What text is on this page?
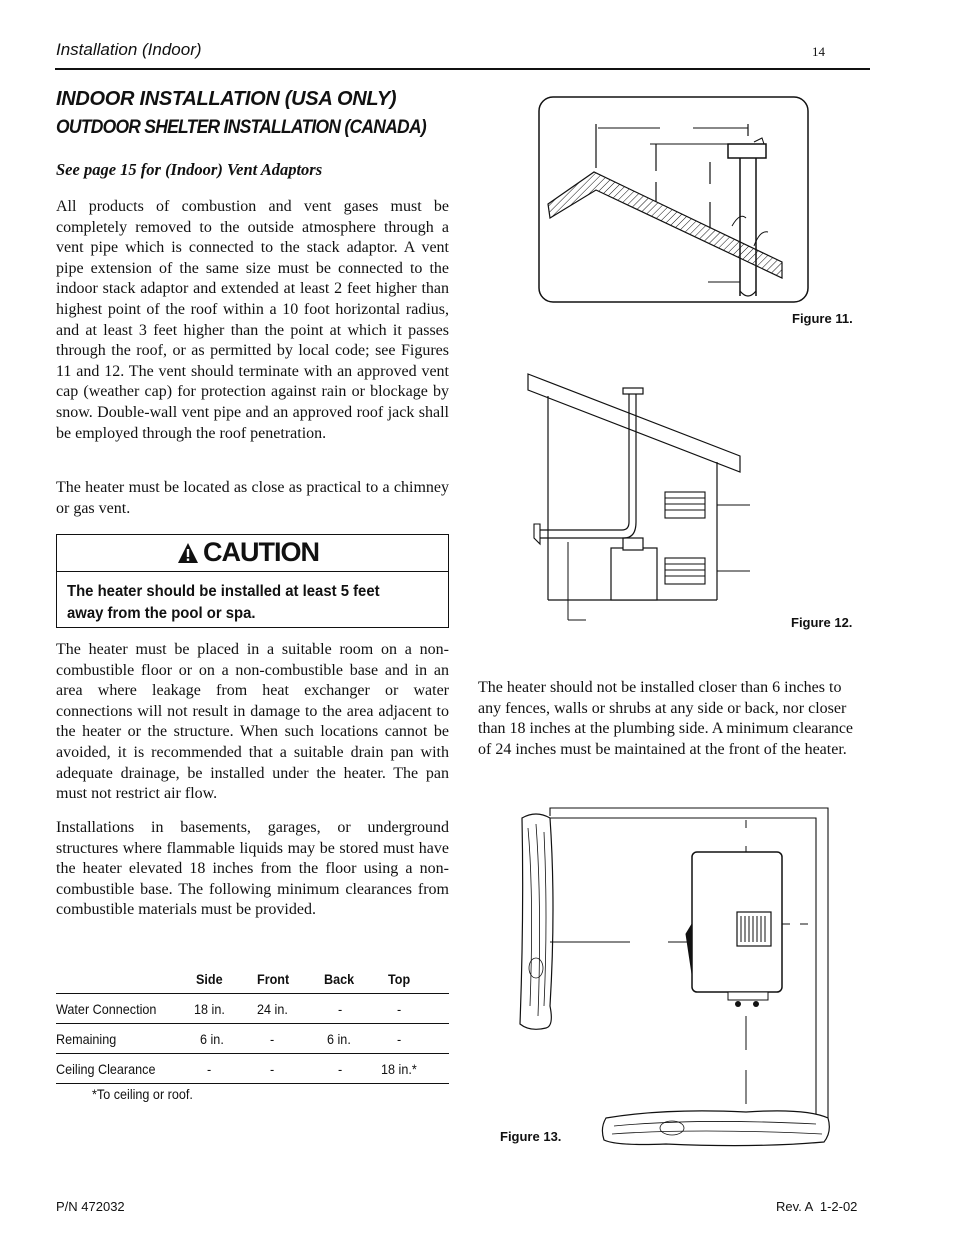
Installation (Indoor)	14
INDOOR INSTALLATION (USA ONLY)
OUTDOOR SHELTER INSTALLATION (CANADA)
See page 15 for (Indoor) Vent Adaptors
All products of combustion and vent gases must be completely removed to the outside atmosphere through a vent pipe which is connected to the stack adaptor. A vent pipe extension of the same size must be connected to the indoor stack adaptor and extended at least 2 feet higher than highest point of the roof within a 10 foot horizontal radius, and at least 3 feet higher than the point at which it passes through the roof, or as permitted by local code; see Figures 11 and 12. The vent should terminate with an approved vent cap (weather cap) for protection against rain or blockage by snow. Double-wall vent pipe and an approved roof jack shall be employed through the roof penetration.
The heater must be located as close as practical to a chimney or gas vent.
CAUTION
The heater should be installed at least 5 feet away from the pool or spa.
The heater must be placed in a suitable room on a non-combustible floor or on a non-combustible base and in an area where leakage from heat exchanger or water connections will not result in damage to the area adjacent to the heater or the structure. When such locations cannot be avoided, it is recommended that a suitable drain pan with adequate drainage, be installed under the heater. The pan must not restrict air flow.
Installations in basements, garages, or underground structures where flammable liquids may be stored must have the heater elevated 18 inches from the floor using a non-combustible base. The following minimum clearances from combustible materials must be provided.
Side Front Back Top
Water Connection	18 in. 24 in.	-	-
Remaining	6 in.	-	6 in.	-
Ceiling Clearance	-	-	-	18 in.*
*To ceiling or roof.
Figure 11.
Figure 12.
The heater should not be installed closer than 6 inches to any fences, walls or shrubs at any side or back, nor closer than 18 inches at the plumbing side. A minimum clearance of 24 inches must be maintained at the front of the heater.
Figure 13.
P/N 472032	Rev. A  1-2-02
